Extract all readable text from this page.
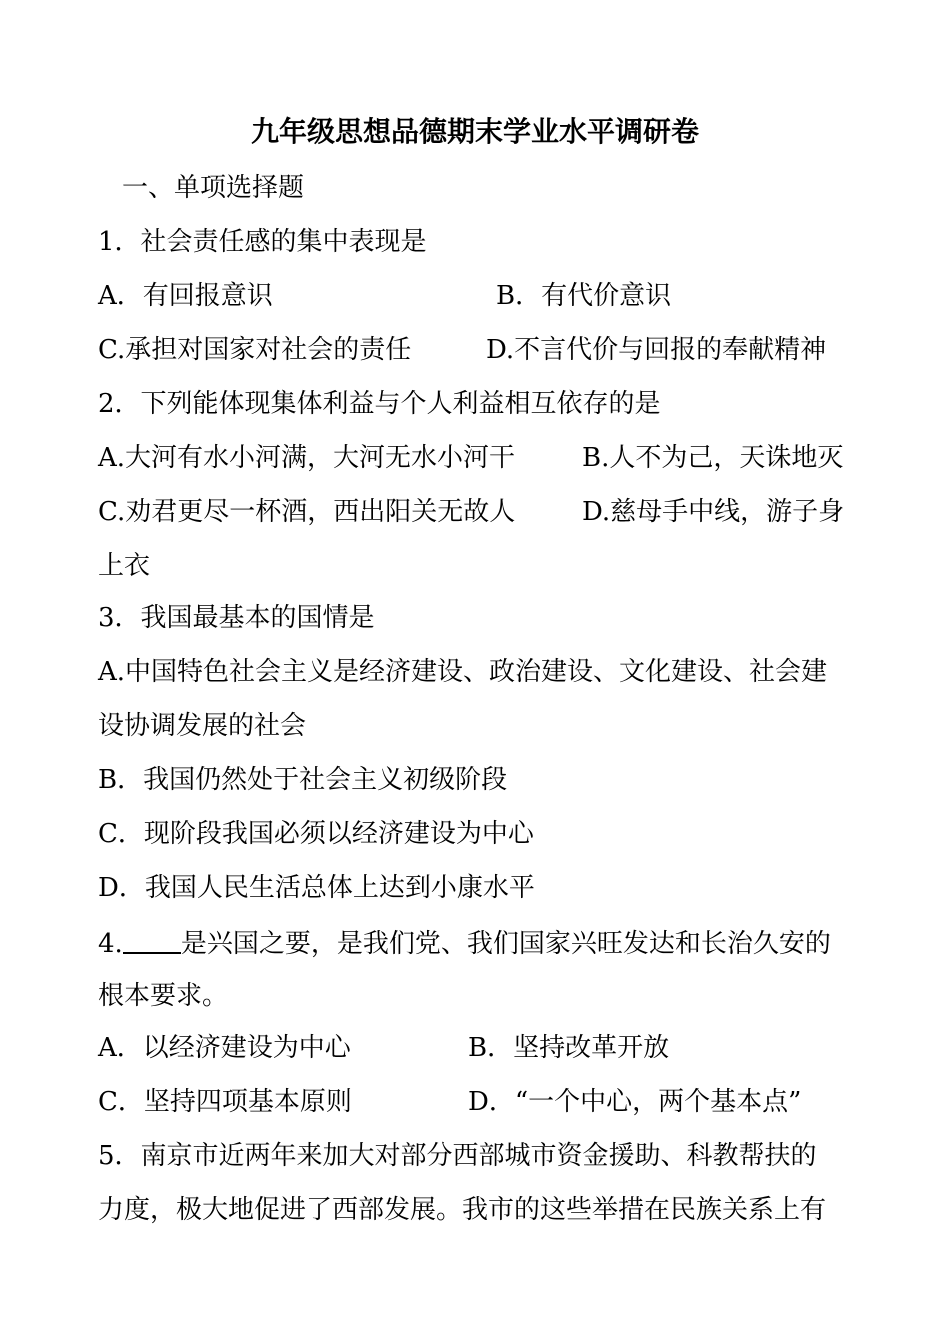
九年级思想品德期末学业水平调研卷
一、单项选择题
1．社会责任感的集中表现是
A．有回报意识	B．有代价意识
C.承担对国家对社会的责任	D.不言代价与回报的奉献精神
2．下列能体现集体利益与个人利益相互依存的是
A.大河有水小河满，大河无水小河干	B.人不为己，天诛地灭
C.劝君更尽一杯酒，西出阳关无故人	D.慈母手中线，游子身
上衣
3．我国最基本的国情是
A.中国特色社会主义是经济建设、政治建设、文化建设、社会建
设协调发展的社会
B．我国仍然处于社会主义初级阶段
C．现阶段我国必须以经济建设为中心
D．我国人民生活总体上达到小康水平
4. 是兴国之要，是我们党、我们国家兴旺发达和长治久安的
根本要求。
A．以经济建设为中心	B．坚持改革开放
C．坚持四项基本原则	D．“一个中心，两个基本点”
5．南京市近两年来加大对部分西部城市资金援助、科教帮扶的
力度，极大地促进了西部发展。我市的这些举措在民族关系上有
